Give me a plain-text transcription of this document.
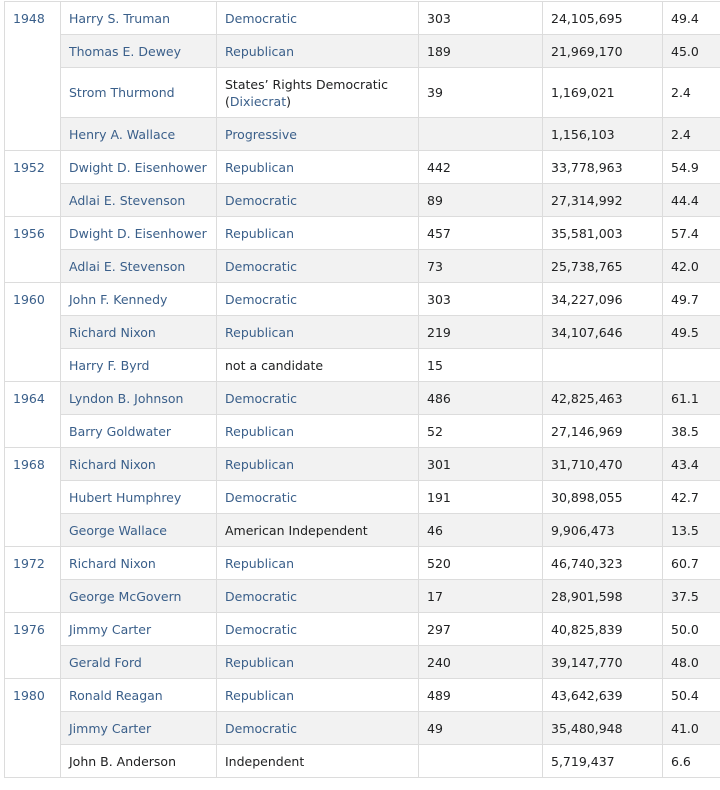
1948	Harry S. Truman	Democratic	303	24,105,695	49.4
	Thomas E. Dewey	Republican	189	21,969,170	45.0
	Strom Thurmond	States’ Rights Democratic
(Dixiecrat)	39	1,169,021	2.4
	Henry A. Wallace	Progressive		1,156,103	2.4
1952	Dwight D. Eisenhower	Republican	442	33,778,963	54.9
	Adlai E. Stevenson	Democratic	89	27,314,992	44.4
1956	Dwight D. Eisenhower	Republican	457	35,581,003	57.4
	Adlai E. Stevenson	Democratic	73	25,738,765	42.0
1960	John F. Kennedy	Democratic	303	34,227,096	49.7
	Richard Nixon	Republican	219	34,107,646	49.5
	Harry F. Byrd	not a candidate	15		
1964	Lyndon B. Johnson	Democratic	486	42,825,463	61.1
	Barry Goldwater	Republican	52	27,146,969	38.5
1968	Richard Nixon	Republican	301	31,710,470	43.4
	Hubert Humphrey	Democratic	191	30,898,055	42.7
	George Wallace	American Independent	46	9,906,473	13.5
1972	Richard Nixon	Republican	520	46,740,323	60.7
	George McGovern	Democratic	17	28,901,598	37.5
1976	Jimmy Carter	Democratic	297	40,825,839	50.0
	Gerald Ford	Republican	240	39,147,770	48.0
1980	Ronald Reagan	Republican	489	43,642,639	50.4
	Jimmy Carter	Democratic	49	35,480,948	41.0
	John B. Anderson	Independent		5,719,437	6.6
